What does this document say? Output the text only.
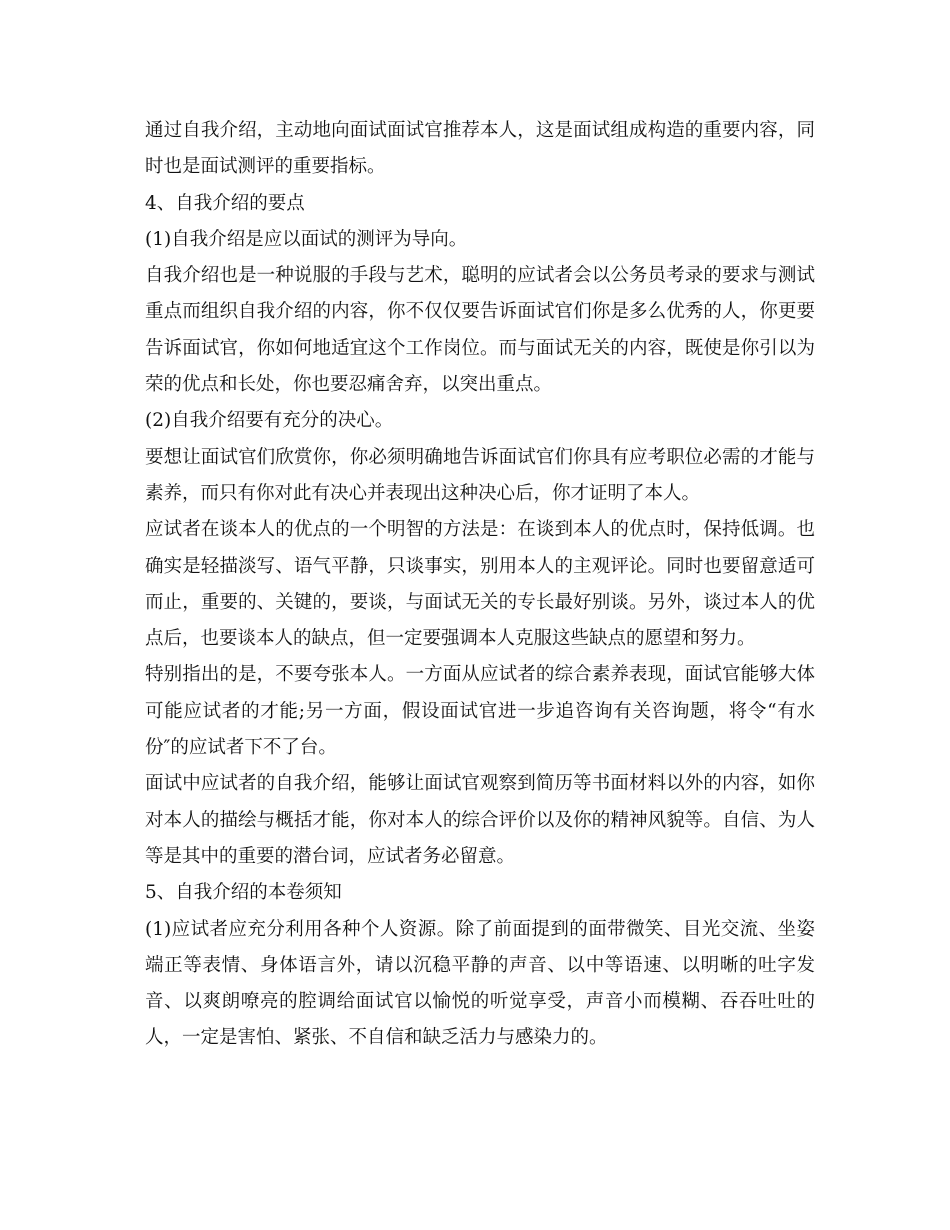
通过自我介绍，主动地向面试面试官推荐本人，这是面试组成构造的重要内容，同时也是面试测评的重要指标。

4、自我介绍的要点

(1)自我介绍是应以面试的测评为导向。

自我介绍也是一种说服的手段与艺术，聪明的应试者会以公务员考录的要求与测试重点而组织自我介绍的内容，你不仅仅要告诉面试官们你是多么优秀的人，你更要告诉面试官，你如何地适宜这个工作岗位。而与面试无关的内容，既使是你引以为荣的优点和长处，你也要忍痛舍弃，以突出重点。

(2)自我介绍要有充分的决心。

要想让面试官们欣赏你，你必须明确地告诉面试官们你具有应考职位必需的才能与素养，而只有你对此有决心并表现出这种决心后，你才证明了本人。

应试者在谈本人的优点的一个明智的方法是：在谈到本人的优点时，保持低调。也确实是轻描淡写、语气平静，只谈事实，别用本人的主观评论。同时也要留意适可而止，重要的、关键的，要谈，与面试无关的专长最好别谈。另外，谈过本人的优点后，也要谈本人的缺点，但一定要强调本人克服这些缺点的愿望和努力。

特别指出的是，不要夸张本人。一方面从应试者的综合素养表现，面试官能够大体可能应试者的才能;另一方面，假设面试官进一步追咨询有关咨询题，将令“有水份″的应试者下不了台。

面试中应试者的自我介绍，能够让面试官观察到简历等书面材料以外的内容，如你对本人的描绘与概括才能，你对本人的综合评价以及你的精神风貌等。自信、为人等是其中的重要的潜台词，应试者务必留意。

5、自我介绍的本卷须知

(1)应试者应充分利用各种个人资源。除了前面提到的面带微笑、目光交流、坐姿端正等表情、身体语言外，请以沉稳平静的声音、以中等语速、以明晰的吐字发音、以爽朗嘹亮的腔调给面试官以愉悦的听觉享受，声音小而模糊、吞吞吐吐的人，一定是害怕、紧张、不自信和缺乏活力与感染力的。
